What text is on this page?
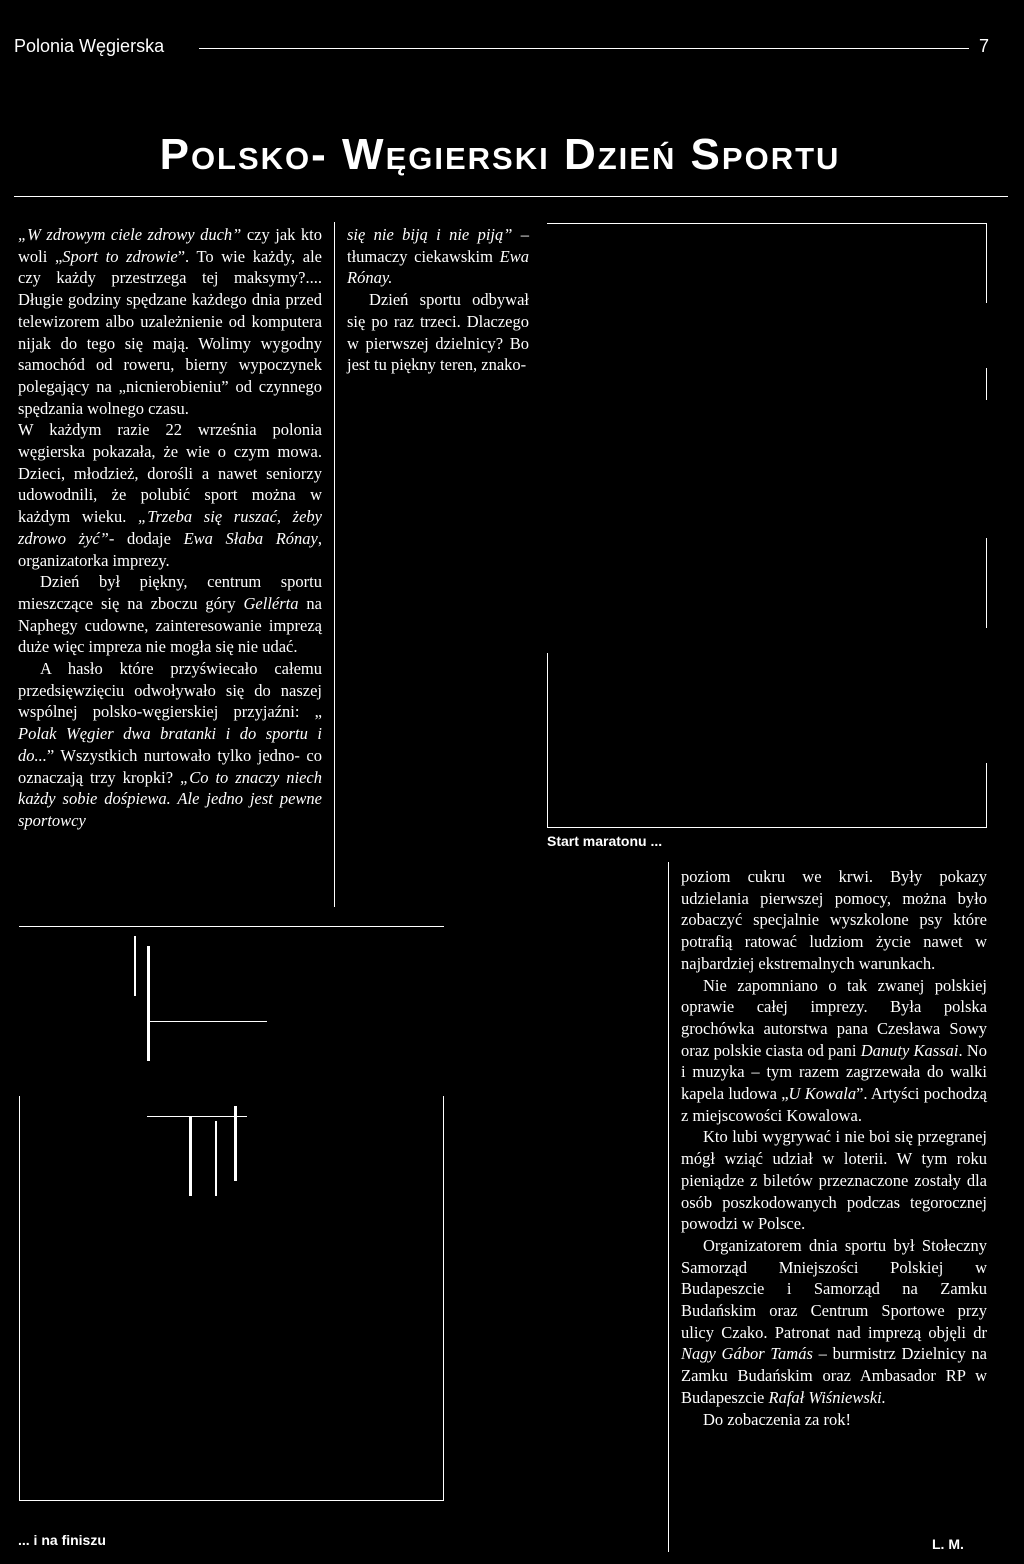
Polonia Węgierska	7
Polsko- Węgierski Dzień Sportu

„W zdrowym ciele zdrowy duch” czy jak kto woli „Sport to zdrowie”. To wie każdy, ale czy każdy przestrzega tej maksymy?.... Długie godziny spędzane każdego dnia przed telewizorem albo uzależnienie od komputera nijak do tego się mają. Wolimy wygodny samochód od roweru, bierny wypoczynek polegający na „nicnierobieniu” od czynnego spędzania wolnego czasu.

W każdym razie 22 września polonia węgierska pokazała, że wie o czym mowa. Dzieci, młodzież, dorośli a nawet seniorzy udowodnili, że polubić sport można w każdym wieku. „Trzeba się ruszać, żeby zdrowo żyć”- dodaje Ewa Słaba Rónay, organizatorka imprezy.

Dzień był piękny, centrum sportu mieszczące się na zboczu góry Gellérta na Naphegy cudowne, zainteresowanie imprezą duże więc impreza nie mogła się nie udać.

A hasło które przyświecało całemu przedsięwzięciu odwoływało się do naszej wspólnej polsko-węgierskiej przyjaźni: „ Polak Węgier dwa bratanki i do sportu i do...” Wszystkich nurtowało tylko jedno- co oznaczają trzy kropki? „Co to znaczy niech każdy sobie dośpiewa. Ale jedno jest pewne sportowcy

się nie biją i nie piją” – tłumaczy ciekawskim Ewa Rónay.

Dzień sportu odbywał się po raz trzeci. Dlaczego w pierwszej dzielnicy? Bo jest tu piękny teren, znako-

Start maratonu ...
... i na finiszu

poziom cukru we krwi. Były pokazy udzielania pierwszej pomocy, można było zobaczyć specjalnie wyszkolone psy które potrafią ratować ludziom życie nawet w najbardziej ekstremalnych warunkach.

Nie zapomniano o tak zwanej polskiej oprawie całej imprezy. Była polska grochówka autorstwa pana Czesława Sowy oraz polskie ciasta od pani Danuty Kassai. No i muzyka – tym razem zagrzewała do walki kapela ludowa „U Kowala”. Artyści pochodzą z miejscowości Kowalowa.

Kto lubi wygrywać i nie boi się przegranej mógł wziąć udział w loterii. W tym roku pieniądze z biletów przeznaczone zostały dla osób poszkodowanych podczas tegorocznej powodzi w Polsce.

Organizatorem dnia sportu był Stołeczny Samorząd Mniejszości Polskiej w Budapeszcie i Samorząd na Zamku Budańskim oraz Centrum Sportowe przy ulicy Czako. Patronat nad imprezą objęli dr Nagy Gábor Tamás – burmistrz Dzielnicy na Zamku Budańskim oraz Ambasador RP w Budapeszcie Rafał Wiśniewski.

Do zobaczenia za rok!

L. M.
